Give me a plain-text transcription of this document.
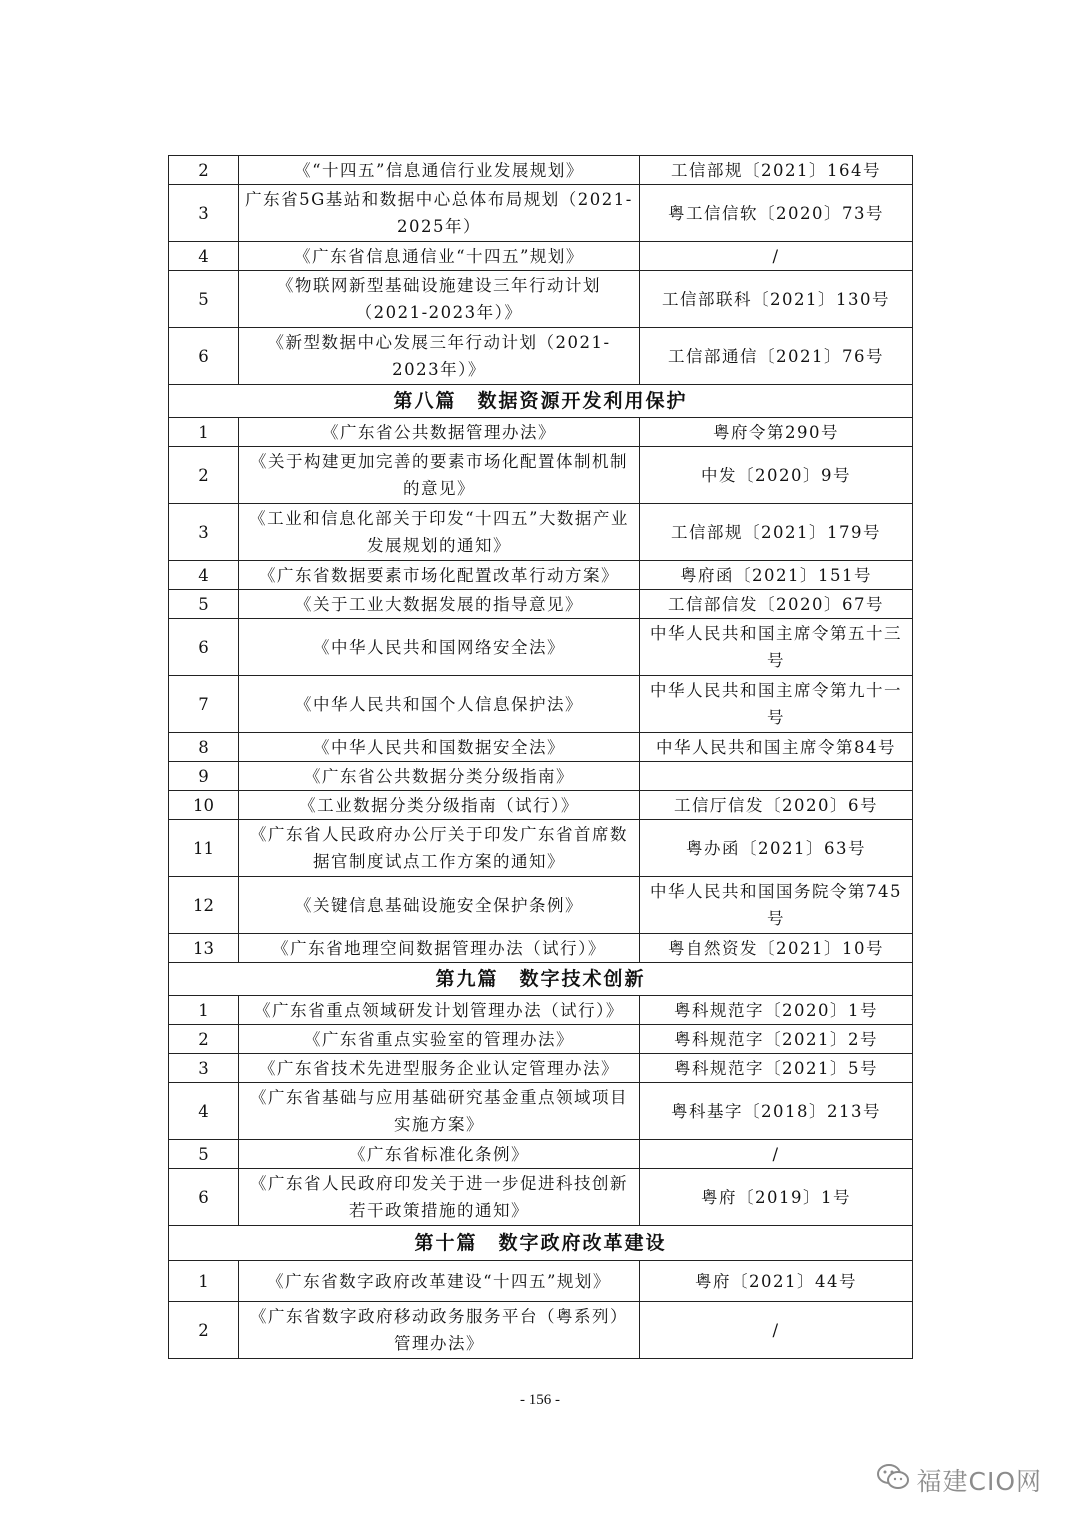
2	《“十四五”信息通信行业发展规划》	工信部规〔2021〕164号
3	广东省5G基站和数据中心总体布局规划（2021-2025年）	粤工信信软〔2020〕73号
4	《广东省信息通信业“十四五”规划》	/
5	《物联网新型基础设施建设三年行动计划（2021-2023年）》	工信部联科〔2021〕130号
6	《新型数据中心发展三年行动计划（2021-2023年）》	工信部通信〔2021〕76号
第八篇　数据资源开发利用保护		
1	《广东省公共数据管理办法》	粤府令第290号
2	《关于构建更加完善的要素市场化配置体制机制的意见》	中发〔2020〕9号
3	《工业和信息化部关于印发“十四五”大数据产业发展规划的通知》	工信部规〔2021〕179号
4	《广东省数据要素市场化配置改革行动方案》	粤府函〔2021〕151号
5	《关于工业大数据发展的指导意见》	工信部信发〔2020〕67号
6	《中华人民共和国网络安全法》	中华人民共和国主席令第五十三号
7	《中华人民共和国个人信息保护法》	中华人民共和国主席令第九十一号
8	《中华人民共和国数据安全法》	中华人民共和国主席令第84号
9	《广东省公共数据分类分级指南》	
10	《工业数据分类分级指南（试行）》	工信厅信发〔2020〕6号
11	《广东省人民政府办公厅关于印发广东省首席数据官制度试点工作方案的通知》	粤办函〔2021〕63号
12	《关键信息基础设施安全保护条例》	中华人民共和国国务院令第745号
13	《广东省地理空间数据管理办法（试行）》	粤自然资发〔2021〕10号
第九篇　数字技术创新		
1	《广东省重点领域研发计划管理办法（试行）》	粤科规范字〔2020〕1号
2	《广东省重点实验室的管理办法》	粤科规范字〔2021〕2号
3	《广东省技术先进型服务企业认定管理办法》	粤科规范字〔2021〕5号
4	《广东省基础与应用基础研究基金重点领域项目实施方案》	粤科基字〔2018〕213号
5	《广东省标准化条例》	/
6	《广东省人民政府印发关于进一步促进科技创新若干政策措施的通知》	粤府〔2019〕1号
第十篇　数字政府改革建设		
1	《广东省数字政府改革建设“十四五”规划》	粤府〔2021〕44号
2	《广东省数字政府移动政务服务平台（粤系列）管理办法》	/
- 156 -
福建CIO网
